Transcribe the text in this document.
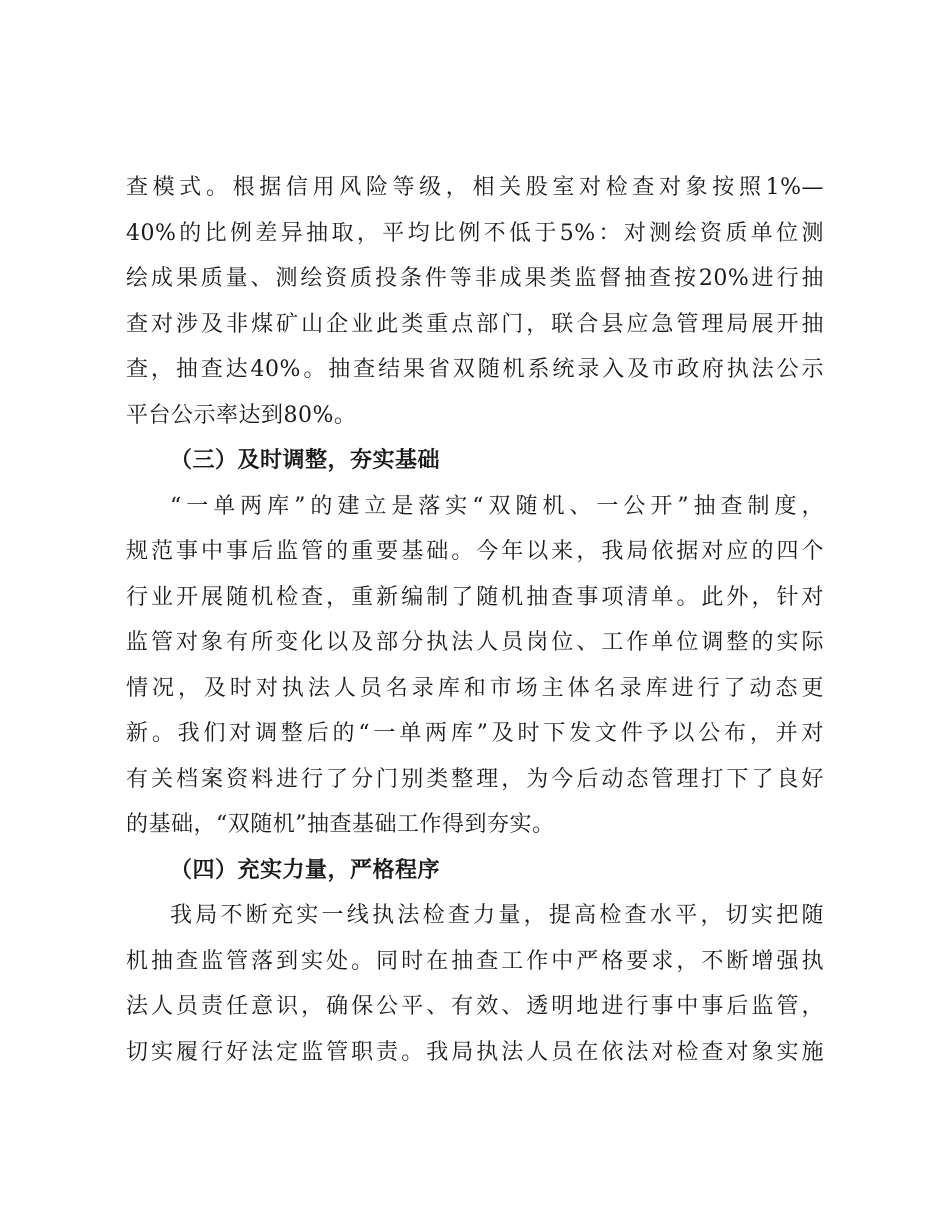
查模式。根据信用风险等级，相关股室对检查对象按照1%—
40%的比例差异抽取，平均比例不低于5%：对测绘资质单位测
绘成果质量、测绘资质投条件等非成果类监督抽查按20%进行抽
查对涉及非煤矿山企业此类重点部门，联合县应急管理局展开抽
查，抽查达40%。抽查结果省双随机系统录入及市政府执法公示
平台公示率达到80%。
（三）及时调整，夯实基础
“一单两库”的建立是落实“双随机、一公开”抽查制度，
规范事中事后监管的重要基础。今年以来，我局依据对应的四个
行业开展随机检查，重新编制了随机抽查事项清单。此外，针对
监管对象有所变化以及部分执法人员岗位、工作单位调整的实际
情况，及时对执法人员名录库和市场主体名录库进行了动态更
新。我们对调整后的“一单两库”及时下发文件予以公布，并对
有关档案资料进行了分门别类整理，为今后动态管理打下了良好
的基础，“双随机”抽查基础工作得到夯实。
（四）充实力量，严格程序
我局不断充实一线执法检查力量，提高检查水平，切实把随
机抽查监管落到实处。同时在抽查工作中严格要求，不断增强执
法人员责任意识，确保公平、有效、透明地进行事中事后监管，
切实履行好法定监管职责。我局执法人员在依法对检查对象实施
